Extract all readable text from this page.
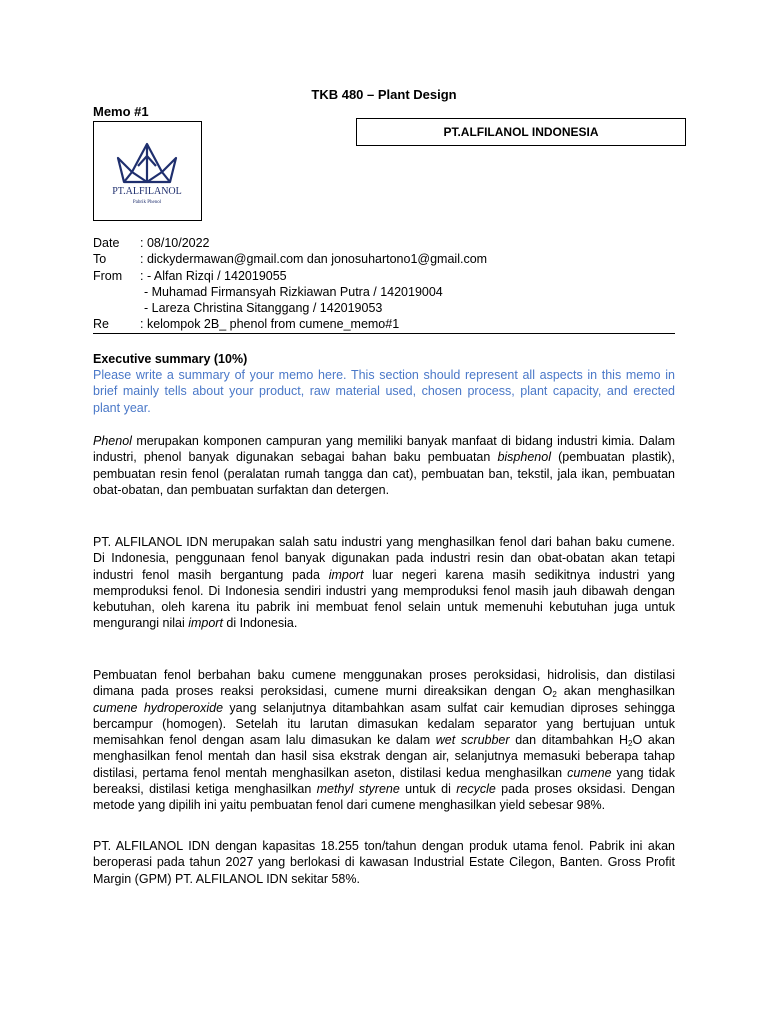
TKB 480 – Plant Design
Memo #1
PT.ALFILANOL INDONESIA
PT.ALFILANOL
Pabrik Phenol
Date	: 08/10/2022
To	: dickydermawan@gmail.com dan jonosuhartono1@gmail.com
From	: - Alfan Rizqi / 142019055
- Muhamad Firmansyah Rizkiawan Putra / 142019004
- Lareza Christina Sitanggang / 142019053
Re	: kelompok 2B_ phenol from cumene_memo#1
Executive summary (10%)

Please write a summary of your memo here. This section should represent all aspects in this memo in brief mainly tells about your product, raw material used, chosen process, plant capacity, and erected plant year.

Phenol merupakan komponen campuran yang memiliki banyak manfaat di bidang industri kimia. Dalam industri, phenol banyak digunakan sebagai bahan baku pembuatan bisphenol (pembuatan plastik), pembuatan resin fenol (peralatan rumah tangga dan cat), pembuatan ban, tekstil, jala ikan, pembuatan obat-obatan, dan pembuatan surfaktan dan detergen.

PT. ALFILANOL IDN merupakan salah satu industri yang menghasilkan fenol dari bahan baku cumene. Di Indonesia, penggunaan fenol banyak digunakan pada industri resin dan obat-obatan akan tetapi industri fenol masih bergantung pada import luar negeri karena masih sedikitnya industri yang memproduksi fenol. Di Indonesia sendiri industri yang memproduksi fenol masih jauh dibawah dengan kebutuhan, oleh karena itu pabrik ini membuat fenol selain untuk memenuhi kebutuhan juga untuk mengurangi nilai import di Indonesia.

Pembuatan fenol berbahan baku cumene menggunakan proses peroksidasi, hidrolisis, dan distilasi dimana pada proses reaksi peroksidasi, cumene murni direaksikan dengan $O_2$ akan menghasilkan cumene hydroperoxide yang selanjutnya ditambahkan asam sulfat cair kemudian diproses sehingga bercampur (homogen). Setelah itu larutan dimasukan kedalam separator yang bertujuan untuk memisahkan fenol dengan asam lalu dimasukan ke dalam wet scrubber dan ditambahkan $H_2O$ akan menghasilkan fenol mentah dan hasil sisa ekstrak dengan air, selanjutnya memasuki beberapa tahap distilasi, pertama fenol mentah menghasilkan aseton, distilasi kedua menghasilkan cumene yang tidak bereaksi, distilasi ketiga menghasilkan methyl styrene untuk di recycle pada proses oksidasi. Dengan metode yang dipilih ini yaitu pembuatan fenol dari cumene menghasilkan yield sebesar 98%.

PT. ALFILANOL IDN dengan kapasitas 18.255 ton/tahun dengan produk utama fenol. Pabrik ini akan beroperasi pada tahun 2027 yang berlokasi di kawasan Industrial Estate Cilegon, Banten. Gross Profit Margin (GPM) PT. ALFILANOL IDN sekitar 58%.
